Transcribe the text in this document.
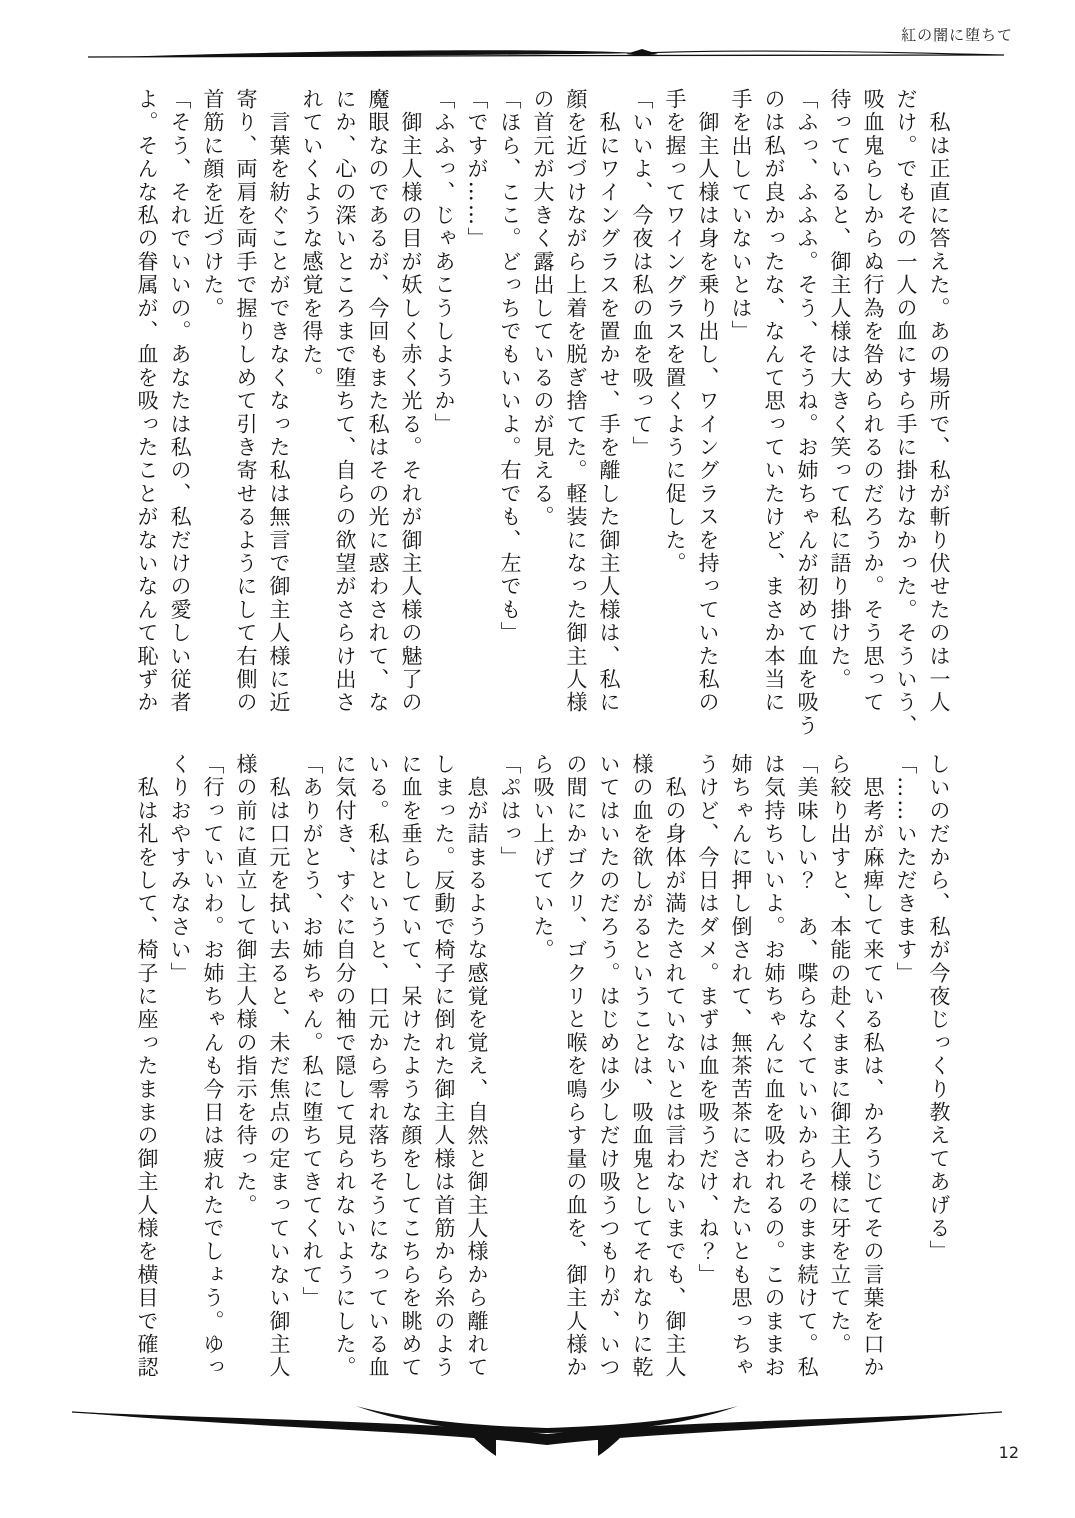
紅の闇に堕ちて

　私は正直に答えた。あの場所で、私が斬り伏せたのは一人

だけ。でもその一人の血にすら手に掛けなかった。そういう、

吸血鬼らしからぬ行為を咎められるのだろうか。そう思って

待っていると、御主人様は大きく笑って私に語り掛けた。

「ふっ、ふふふ。そう、そうね。お姉ちゃんが初めて血を吸う

のは私が良かったな、なんて思っていたけど、まさか本当に

手を出していないとは」

　御主人様は身を乗り出し、ワイングラスを持っていた私の

手を握ってワイングラスを置くように促した。

「いいよ、今夜は私の血を吸って」

　私にワイングラスを置かせ、手を離した御主人様は、私に

顔を近づけながら上着を脱ぎ捨てた。軽装になった御主人様

の首元が大きく露出しているのが見える。

「ほら、ここ。どっちでもいいよ。右でも、左でも」

「ですが……」

「ふふっ、じゃあこうしようか」

　御主人様の目が妖しく赤く光る。それが御主人様の魅了の

魔眼なのであるが、今回もまた私はその光に惑わされて、な

にか、心の深いところまで堕ちて、自らの欲望がさらけ出さ

れていくような感覚を得た。

　言葉を紡ぐことができなくなった私は無言で御主人様に近

寄り、両肩を両手で握りしめて引き寄せるようにして右側の

首筋に顔を近づけた。

「そう、それでいいの。あなたは私の、私だけの愛しい従者

よ。そんな私の眷属が、血を吸ったことがないなんて恥ずか

しいのだから、私が今夜じっくり教えてあげる」

「……いただきます」

　思考が麻痺して来ている私は、かろうじてその言葉を口か

ら絞り出すと、本能の赴くままに御主人様に牙を立てた。

「美味しい？　あ、喋らなくていいからそのまま続けて。私

は気持ちいいよ。お姉ちゃんに血を吸われるの。このままお

姉ちゃんに押し倒されて、無茶苦茶にされたいとも思っちゃ

うけど、今日はダメ。まずは血を吸うだけ、ね？」

　私の身体が満たされていないとは言わないまでも、御主人

様の血を欲しがるということは、吸血鬼としてそれなりに乾

いてはいたのだろう。はじめは少しだけ吸うつもりが、いつ

の間にかゴクリ、ゴクリと喉を鳴らす量の血を、御主人様か

ら吸い上げていた。

「ぷはっ」

　息が詰まるような感覚を覚え、自然と御主人様から離れて

しまった。反動で椅子に倒れた御主人様は首筋から糸のよう

に血を垂らしていて、呆けたような顔をしてこちらを眺めて

いる。私はというと、口元から零れ落ちそうになっている血

に気付き、すぐに自分の袖で隠して見られないようにした。

「ありがとう、お姉ちゃん。私に堕ちてきてくれて」

　私は口元を拭い去ると、未だ焦点の定まっていない御主人

様の前に直立して御主人様の指示を待った。

「行っていいわ。お姉ちゃんも今日は疲れたでしょう。ゆっ

くりおやすみなさい」

　私は礼をして、椅子に座ったままの御主人様を横目で確認

12
